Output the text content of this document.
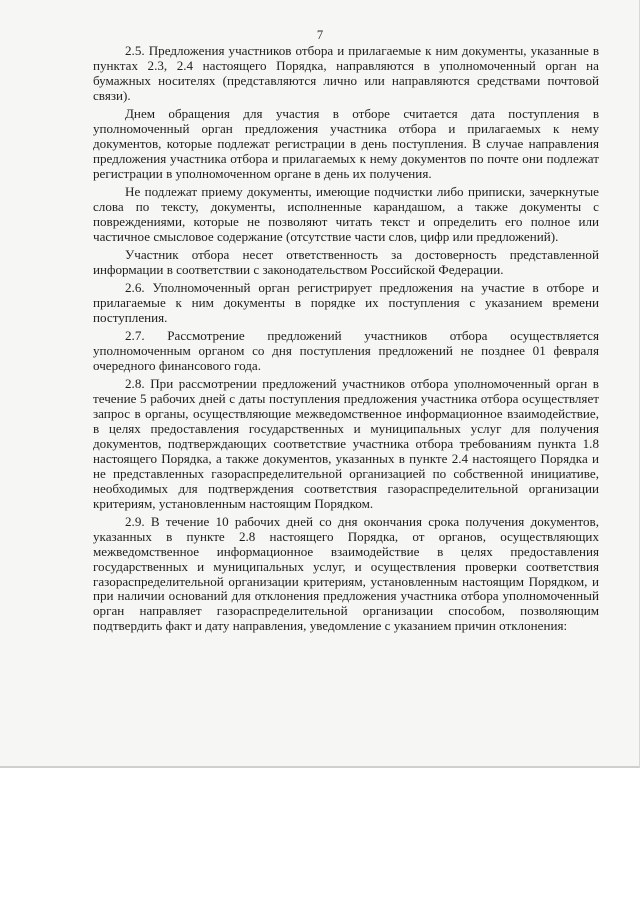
7

2.5. Предложения участников отбора и прилагаемые к ним документы, указанные в пунктах 2.3, 2.4 настоящего Порядка, направляются в уполномоченный орган на бумажных носителях (представляются лично или направляются средствами почтовой связи).

Днем обращения для участия в отборе считается дата поступления в уполномоченный орган предложения участника отбора и прилагаемых к нему документов, которые подлежат регистрации в день поступления. В случае направления предложения участника отбора и прилагаемых к нему документов по почте они подлежат регистрации в уполномоченном органе в день их получения.

Не подлежат приему документы, имеющие подчистки либо приписки, зачеркнутые слова по тексту, документы, исполненные карандашом, а также документы с повреждениями, которые не позволяют читать текст и определить его полное или частичное смысловое содержание (отсутствие части слов, цифр или предложений).

Участник отбора несет ответственность за достоверность представленной информации в соответствии с законодательством Российской Федерации.

2.6. Уполномоченный орган регистрирует предложения на участие в отборе и прилагаемые к ним документы в порядке их поступления с указанием времени поступления.

2.7. Рассмотрение предложений участников отбора осуществляется уполномоченным органом со дня поступления предложений не позднее 01 февраля очередного финансового года.

2.8. При рассмотрении предложений участников отбора уполномоченный орган в течение 5 рабочих дней с даты поступления предложения участника отбора осуществляет запрос в органы, осуществляющие межведомственное информационное взаимодействие, в целях предоставления государственных и муниципальных услуг для получения документов, подтверждающих соответствие участника отбора требованиям пункта 1.8 настоящего Порядка, а также документов, указанных в пункте 2.4 настоящего Порядка и не представленных газораспределительной организацией по собственной инициативе, необходимых для подтверждения соответствия газораспределительной организации критериям, установленным настоящим Порядком.

2.9. В течение 10 рабочих дней со дня окончания срока получения документов, указанных в пункте 2.8 настоящего Порядка, от органов, осуществляющих межведомственное информационное взаимодействие в целях предоставления государственных и муниципальных услуг, и осуществления проверки соответствия газораспределительной организации критериям, установленным настоящим Порядком, и при наличии оснований для отклонения предложения участника отбора уполномоченный орган направляет газораспределительной организации способом, позволяющим подтвердить факт и дату направления, уведомление с указанием причин отклонения:
